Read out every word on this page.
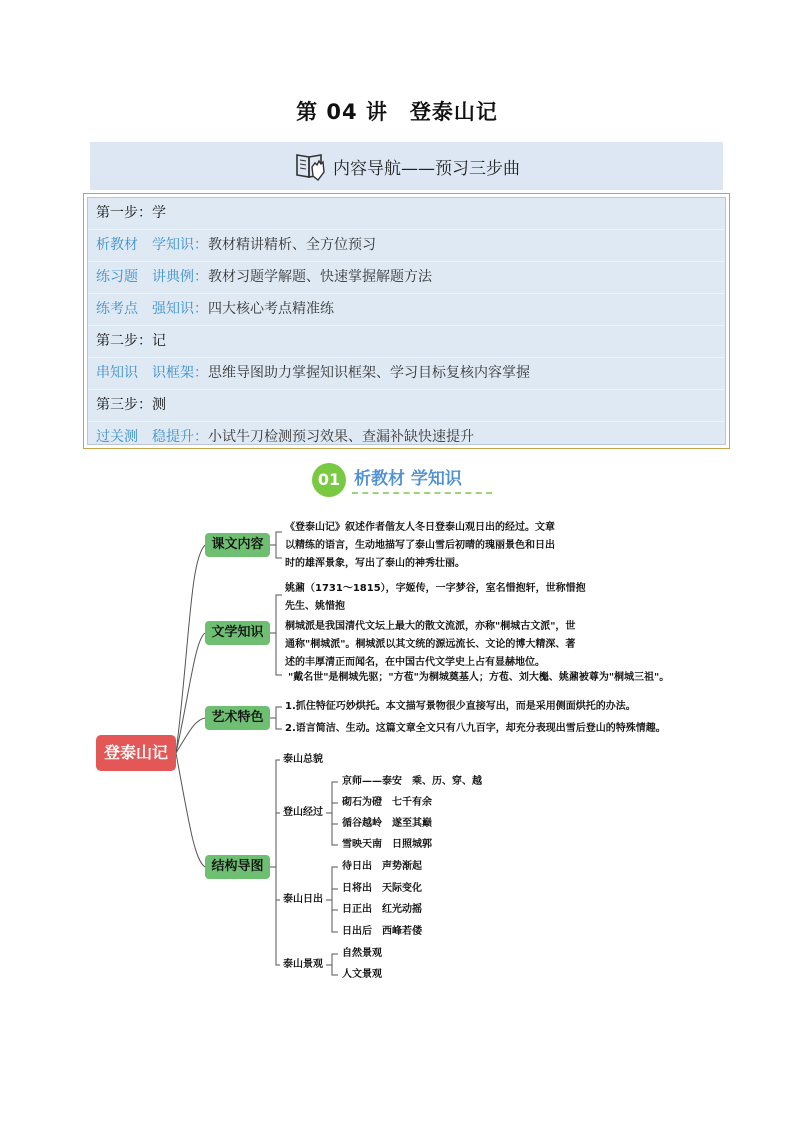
第 04 讲　登泰山记
内容导航——预习三步曲
第一步：学
析教材　学知识：教材精讲精析、全方位预习
练习题　讲典例：教材习题学解题、快速掌握解题方法
练考点　强知识：四大核心考点精准练
第二步：记
串知识　识框架：思维导图助力掌握知识框架、学习目标复核内容掌握
第三步：测
过关测　稳提升：小试牛刀检测预习效果、查漏补缺快速提升
01 析教材 学知识
登泰山记
课文内容
《登泰山记》叙述作者偕友人冬日登泰山观日出的经过。文章
以精练的语言，生动地描写了泰山雪后初晴的瑰丽景色和日出
时的雄浑景象，写出了泰山的神秀壮丽。
文学知识
姚鼐（1731～1815），字姬传，一字梦谷，室名惜抱轩，世称惜抱
先生、姚惜抱
桐城派是我国清代文坛上最大的散文流派，亦称"桐城古文派"，世
通称"桐城派"。桐城派以其文统的源远流长、文论的博大精深、著
述的丰厚清正而闻名，在中国古代文学史上占有显赫地位。
"戴名世"是桐城先驱；"方苞"为桐城奠基人；方苞、刘大櫆、姚鼐被尊为"桐城三祖"。
艺术特色
1.抓住特征巧妙烘托。本文描写景物很少直接写出，而是采用侧面烘托的办法。
2.语言简洁、生动。这篇文章全文只有八九百字，却充分表现出雪后登山的特殊情趣。
结构导图
泰山总貌
登山经过
泰山日出
泰山景观
京师——泰安　乘、历、穿、越
砌石为磴　七千有余
循谷越岭　遂至其巅
雪映天南　日照城郭
待日出　声势渐起
日将出　天际变化
日正出　红光动摇
日出后　西峰若偻
自然景观
人文景观
